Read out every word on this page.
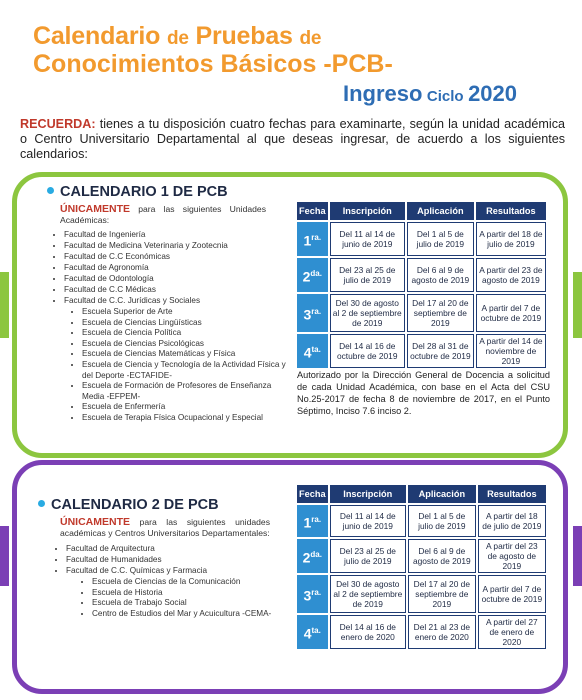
Calendario de Pruebas de
Conocimientos Básicos -PCB-
Ingreso Ciclo 2020
RECUERDA: tienes a tu disposición cuatro fechas para examinarte, según la unidad académica o Centro Universitario Departamental al que deseas ingresar, de acuerdo a los siguientes calendarios:
CALENDARIO 1 DE PCB
ÚNICAMENTE para las siguientes Unidades Académicas:
• Facultad de Ingeniería
• Facultad de Medicina Veterinaria y Zootecnia
• Facultad de C.C Económicas
• Facultad de Agronomía
• Facultad de Odontología
• Facultad de C.C Médicas
• Facultad de C.C. Jurídicas y Sociales
• Escuela Superior de Arte
• Escuela de Ciencias Lingüísticas
• Escuela de Ciencia Política
• Escuela de Ciencias Psicológicas
• Escuela de Ciencias Matemáticas y Física
• Escuela de Ciencia y Tecnología de la Actividad Física y del Deporte -ECTAFIDE-
• Escuela de Formación de Profesores de Enseñanza Media -EFPEM-
• Escuela de Enfermería
• Escuela de Terapia Física Ocupacional y Especial
Fecha	Inscripción	Aplicación	Resultados
$1^{ra.}$	Del 11 al 14 de junio de 2019	Del 1 al 5 de julio de 2019	A partir del 18 de julio de 2019
$2^{da.}$	Del 23 al 25 de julio de 2019	Del 6 al 9 de agosto de 2019	A partir del 23 de agosto de 2019
$3^{ra.}$	Del 30 de agosto al 2 de septiembre de 2019	Del 17 al 20 de septiembre de 2019	A partir del 7 de octubre de 2019
$4^{ta.}$	Del 14 al 16 de octubre de 2019	Del 28 al 31 de octubre de 2019	A partir del 14 de noviembre de 2019
Autorizado por la Dirección General de Docencia a solicitud de cada Unidad Académica, con base en el Acta del CSU No.25-2017 de fecha 8 de noviembre de 2017, en el Punto Séptimo, Inciso 7.6 inciso 2.
CALENDARIO 2 DE PCB
ÚNICAMENTE para las siguientes unidades académicas y Centros Universitarios Departamentales:
• Facultad de Arquitectura
• Facultad de Humanidades
• Facultad de C.C. Químicas y Farmacia
• Escuela de Ciencias de la Comunicación
• Escuela de Historia
• Escuela de Trabajo Social
• Centro de Estudios del Mar y Acuicultura -CEMA-
Fecha	Inscripción	Aplicación	Resultados
$1^{ra.}$	Del 11 al 14 de junio de 2019	Del 1 al 5 de julio de 2019	A partir del 18 de julio de 2019
$2^{da.}$	Del 23 al 25 de julio de 2019	Del 6 al 9 de agosto de 2019	A partir del 23 de agosto de 2019
$3^{ra.}$	Del 30 de agosto al 2 de septiembre de 2019	Del 17 al 20 de septiembre de 2019	A partir del 7 de octubre de 2019
$4^{ta.}$	Del 14 al 16 de enero de 2020	Del 21 al 23 de enero de 2020	A partir del 27 de enero de 2020
